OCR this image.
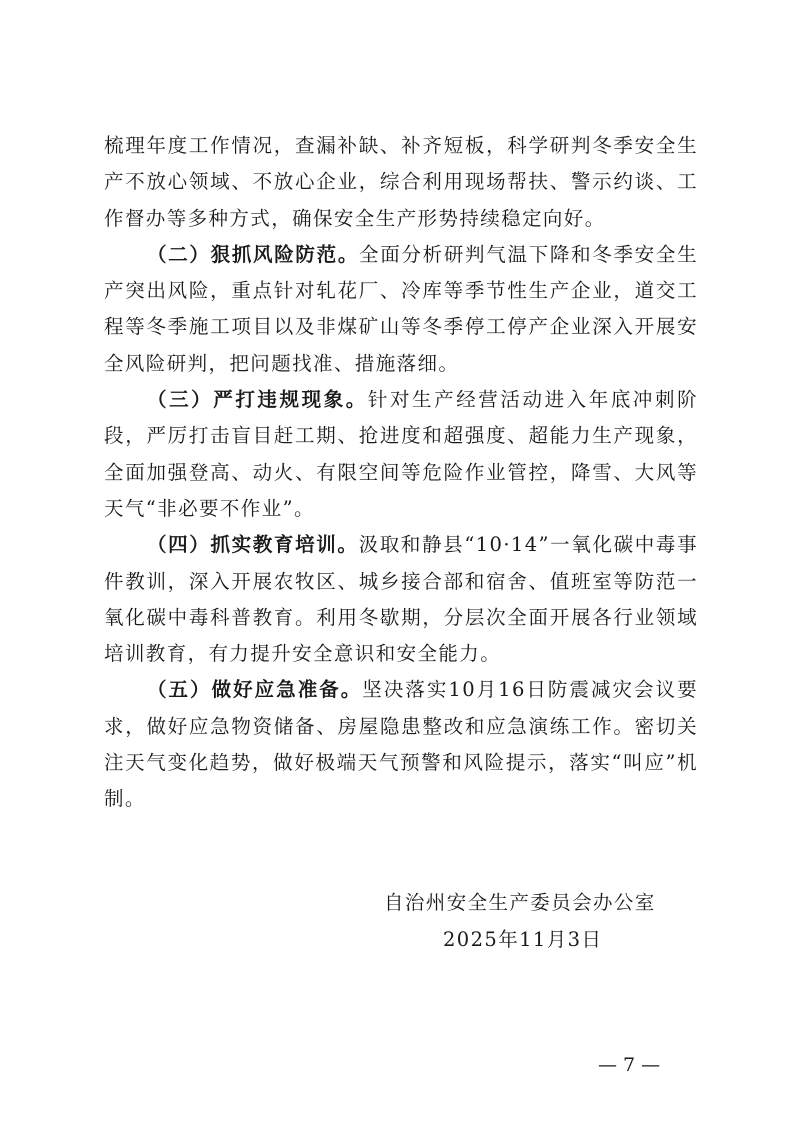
梳理年度工作情况，查漏补缺、补齐短板，科学研判冬季安全生产不放心领域、不放心企业，综合利用现场帮扶、警示约谈、工作督办等多种方式，确保安全生产形势持续稳定向好。

（二）狠抓风险防范。全面分析研判气温下降和冬季安全生产突出风险，重点针对轧花厂、冷库等季节性生产企业，道交工程等冬季施工项目以及非煤矿山等冬季停工停产企业深入开展安全风险研判，把问题找准、措施落细。

（三）严打违规现象。针对生产经营活动进入年底冲刺阶段，严厉打击盲目赶工期、抢进度和超强度、超能力生产现象，全面加强登高、动火、有限空间等危险作业管控，降雪、大风等天气“非必要不作业”。

（四）抓实教育培训。汲取和静县“10·14”一氧化碳中毒事件教训，深入开展农牧区、城乡接合部和宿舍、值班室等防范一氧化碳中毒科普教育。利用冬歇期，分层次全面开展各行业领域培训教育，有力提升安全意识和安全能力。

（五）做好应急准备。坚决落实10月16日防震减灾会议要求，做好应急物资储备、房屋隐患整改和应急演练工作。密切关注天气变化趋势，做好极端天气预警和风险提示，落实“叫应”机制。

自治州安全生产委员会办公室
2025年11月3日
— 7 —
